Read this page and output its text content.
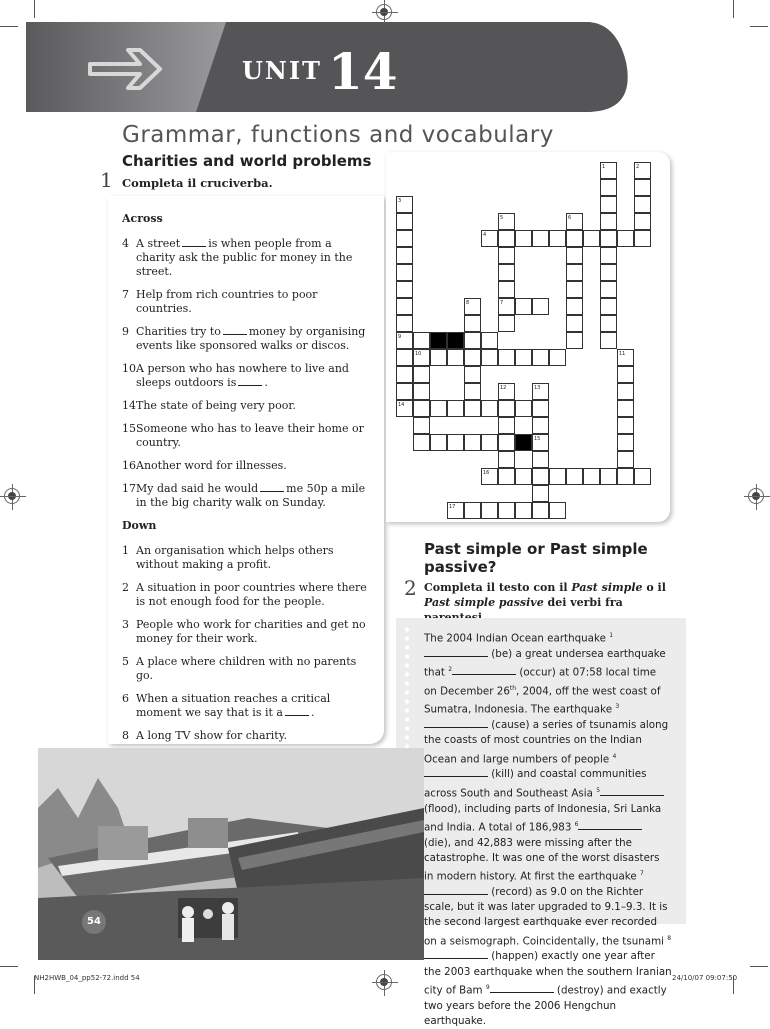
UNIT 14
Grammar, functions and vocabulary
Charities and world problems
1 Completa il cruciverba.
Across
4 A street	is when people from a charity ask the public for money in the street.
7 Help from rich countries to poor countries.
9 Charities try to	money by organising events like sponsored walks or discos.
10 A person who has nowhere to live and sleeps outdoors is	.
14 The state of being very poor.
15 Someone who has to leave their home or country.
16 Another word for illnesses.
17 My dad said he would	me 50p a mile in the big charity walk on Sunday.
Down
1 An organisation which helps others without making a profit.
2 A situation in poor countries where there is not enough food for the people.
3 People who work for charities and get no money for their work.
5 A place where children with no parents go.
6 When a situation reaches a critical moment we say that is it a	.
8 A long TV show for charity.
1	2
3
9
5
7
6
8
10	11
12	13
15
4
14
16
17
Past simple or Past simple passive?
2 Completa il testo con il Past simple o il Past simple passive dei verbi fra
The 2004 Indian Ocean earthquake $^1$ (be) a great undersea earthquake that $^2$	(occur) at 07:58 local time on December 26th, 2004, off the west coast of Sumatra, Indonesia. The earthquake $^3$ (cause) a series of tsunamis along the coasts of most countries on the Indian Ocean and large numbers of people $^4$ (kill) and coastal communities across South and Southeast Asia $^5$ (flood), including parts of Indonesia, Sri Lanka and India. A total of 186,983 $^6$ (die), and 42,883 were missing after the catastrophe. It was one of the worst disasters in modern history. At first the earthquake $^7$ (record) as 9.0 on the Richter scale, but it was later upgraded to 9.1–9.3. It is the second largest earthquake ever recorded on a seismograph. Coincidentally, the tsunami $^8$ (happen) exactly one year after the 2003 earthquake when the southern Iranian city of Bam $^9$	(destroy) and exactly two years before the 2006 Hengchun earthquake.
54
NH2HWB_04_pp52-72.indd 54	24/10/07 09:07:50
